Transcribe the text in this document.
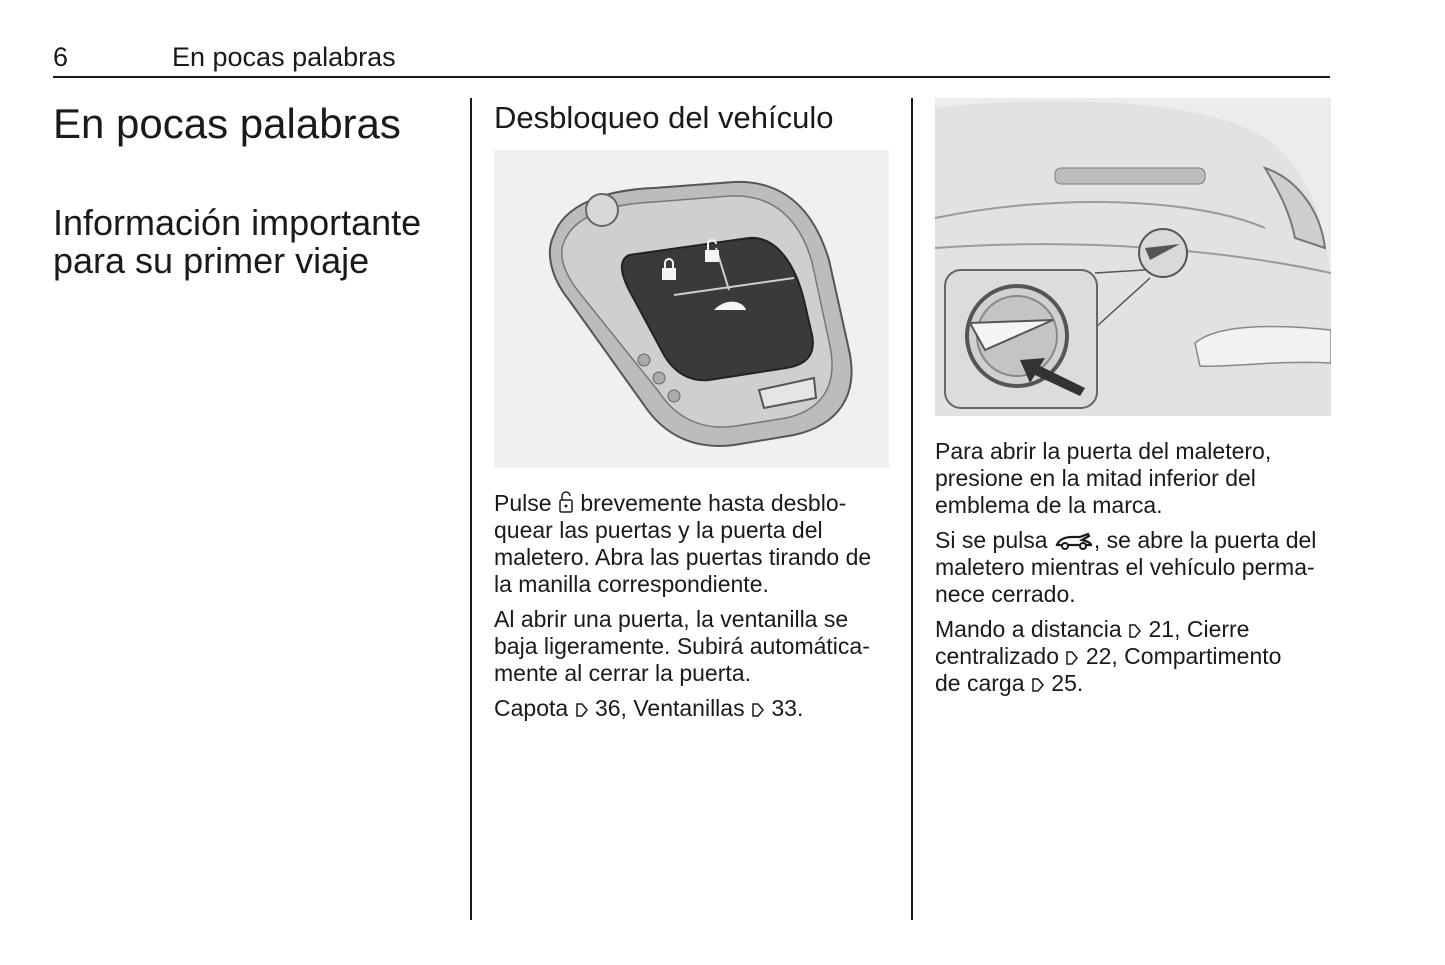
6	En pocas palabras
En pocas palabras
Información importante
para su primer viaje
Desbloqueo del vehículo

Pulse brevemente hasta desblo-
quear las puertas y la puerta del
maletero. Abra las puertas tirando de
la manilla correspondiente.

Al abrir una puerta, la ventanilla se
baja ligeramente. Subirá automática-
mente al cerrar la puerta.

Capota 36, Ventanillas 33.

Para abrir la puerta del maletero,
presione en la mitad inferior del
emblema de la marca.

Si se pulsa , se abre la puerta del
maletero mientras el vehículo perma-
nece cerrado.

Mando a distancia 21, Cierre
centralizado 22, Compartimento
de carga 25.
